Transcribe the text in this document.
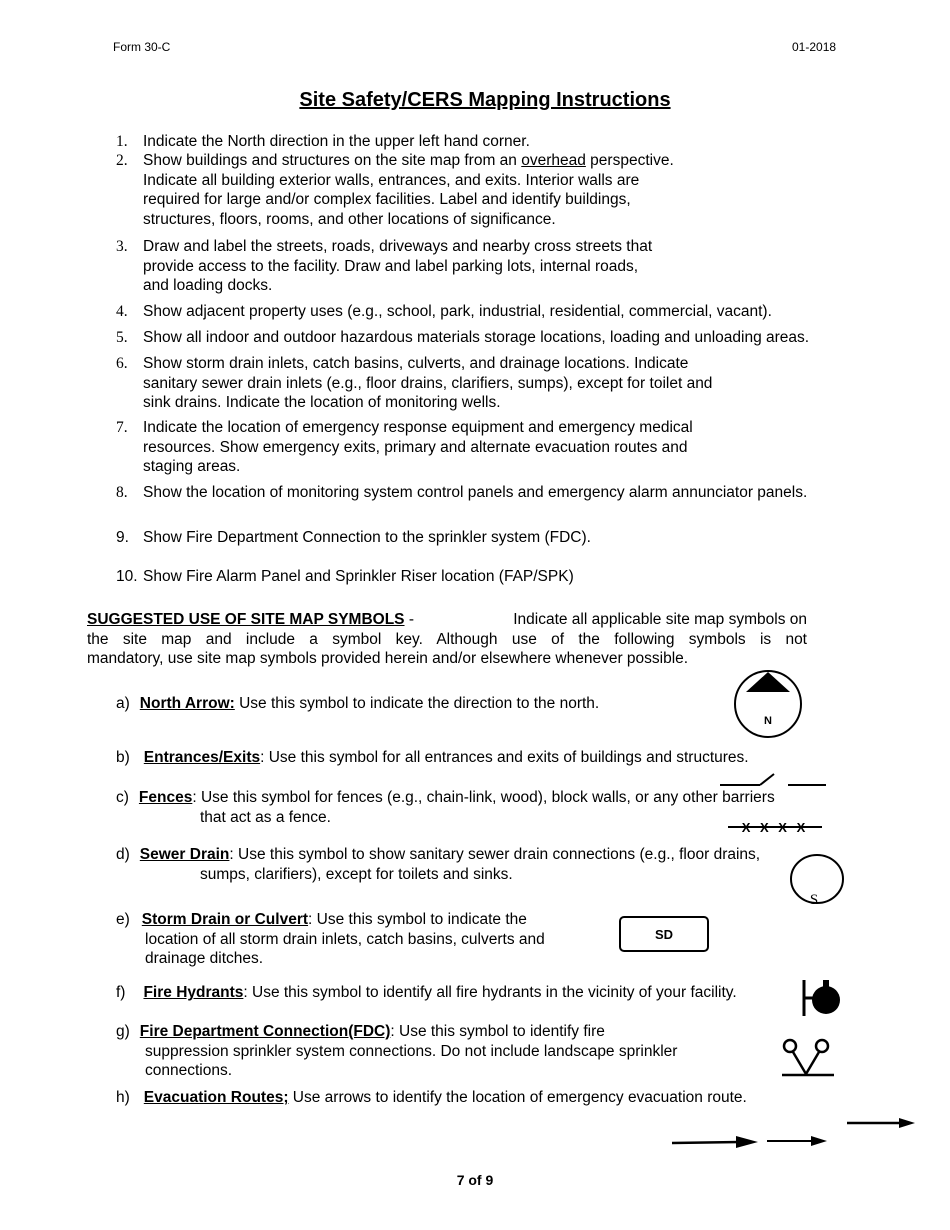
Form 30-C	01-2018
Site Safety/CERS Mapping Instructions
1. Indicate the North direction in the upper left hand corner.
2. Show buildings and structures on the site map from an overhead perspective.
Indicate all building exterior walls, entrances, and exits. Interior walls are
required for large and/or complex facilities. Label and identify buildings,
structures, floors, rooms, and other locations of significance.
3. Draw and label the streets, roads, driveways and nearby cross streets that
provide access to the facility. Draw and label parking lots, internal roads,
and loading docks.
4. Show adjacent property uses (e.g., school, park, industrial, residential, commercial, vacant).
5. Show all indoor and outdoor hazardous materials storage locations, loading and unloading areas.
6. Show storm drain inlets, catch basins, culverts, and drainage locations. Indicate
sanitary sewer drain inlets (e.g., floor drains, clarifiers, sumps), except for toilet and
sink drains. Indicate the location of monitoring wells.
7. Indicate the location of emergency response equipment and emergency medical
resources. Show emergency exits, primary and alternate evacuation routes and
staging areas.
8. Show the location of monitoring system control panels and emergency alarm annunciator panels.
9. Show Fire Department Connection to the sprinkler system (FDC).
10. Show Fire Alarm Panel and Sprinkler Riser location (FAP/SPK)
SUGGESTED USE OF SITE MAP SYMBOLS -	Indicate all applicable site map symbols on
the site map and include a symbol key. Although use of the following symbols is not
mandatory, use site map symbols provided herein and/or elsewhere whenever possible.
a) North Arrow: Use this symbol to indicate the direction to the north.
N
b) Entrances/Exits: Use this symbol for all entrances and exits of buildings and structures.
c) Fences: Use this symbol for fences (e.g., chain-link, wood), block walls, or any other barriers
that act as a fence.
X X X X
d) Sewer Drain: Use this symbol to show sanitary sewer drain connections (e.g., floor drains,
sumps, clarifiers), except for toilets and sinks.
S
e) Storm Drain or Culvert: Use this symbol to indicate the
location of all storm drain inlets, catch basins, culverts and
drainage ditches.
SD
f) Fire Hydrants: Use this symbol to identify all fire hydrants in the vicinity of your facility.
g) Fire Department Connection(FDC): Use this symbol to identify fire
suppression sprinkler system connections. Do not include landscape sprinkler
connections.
h) Evacuation Routes; Use arrows to identify the location of emergency evacuation route.
7 of 9
